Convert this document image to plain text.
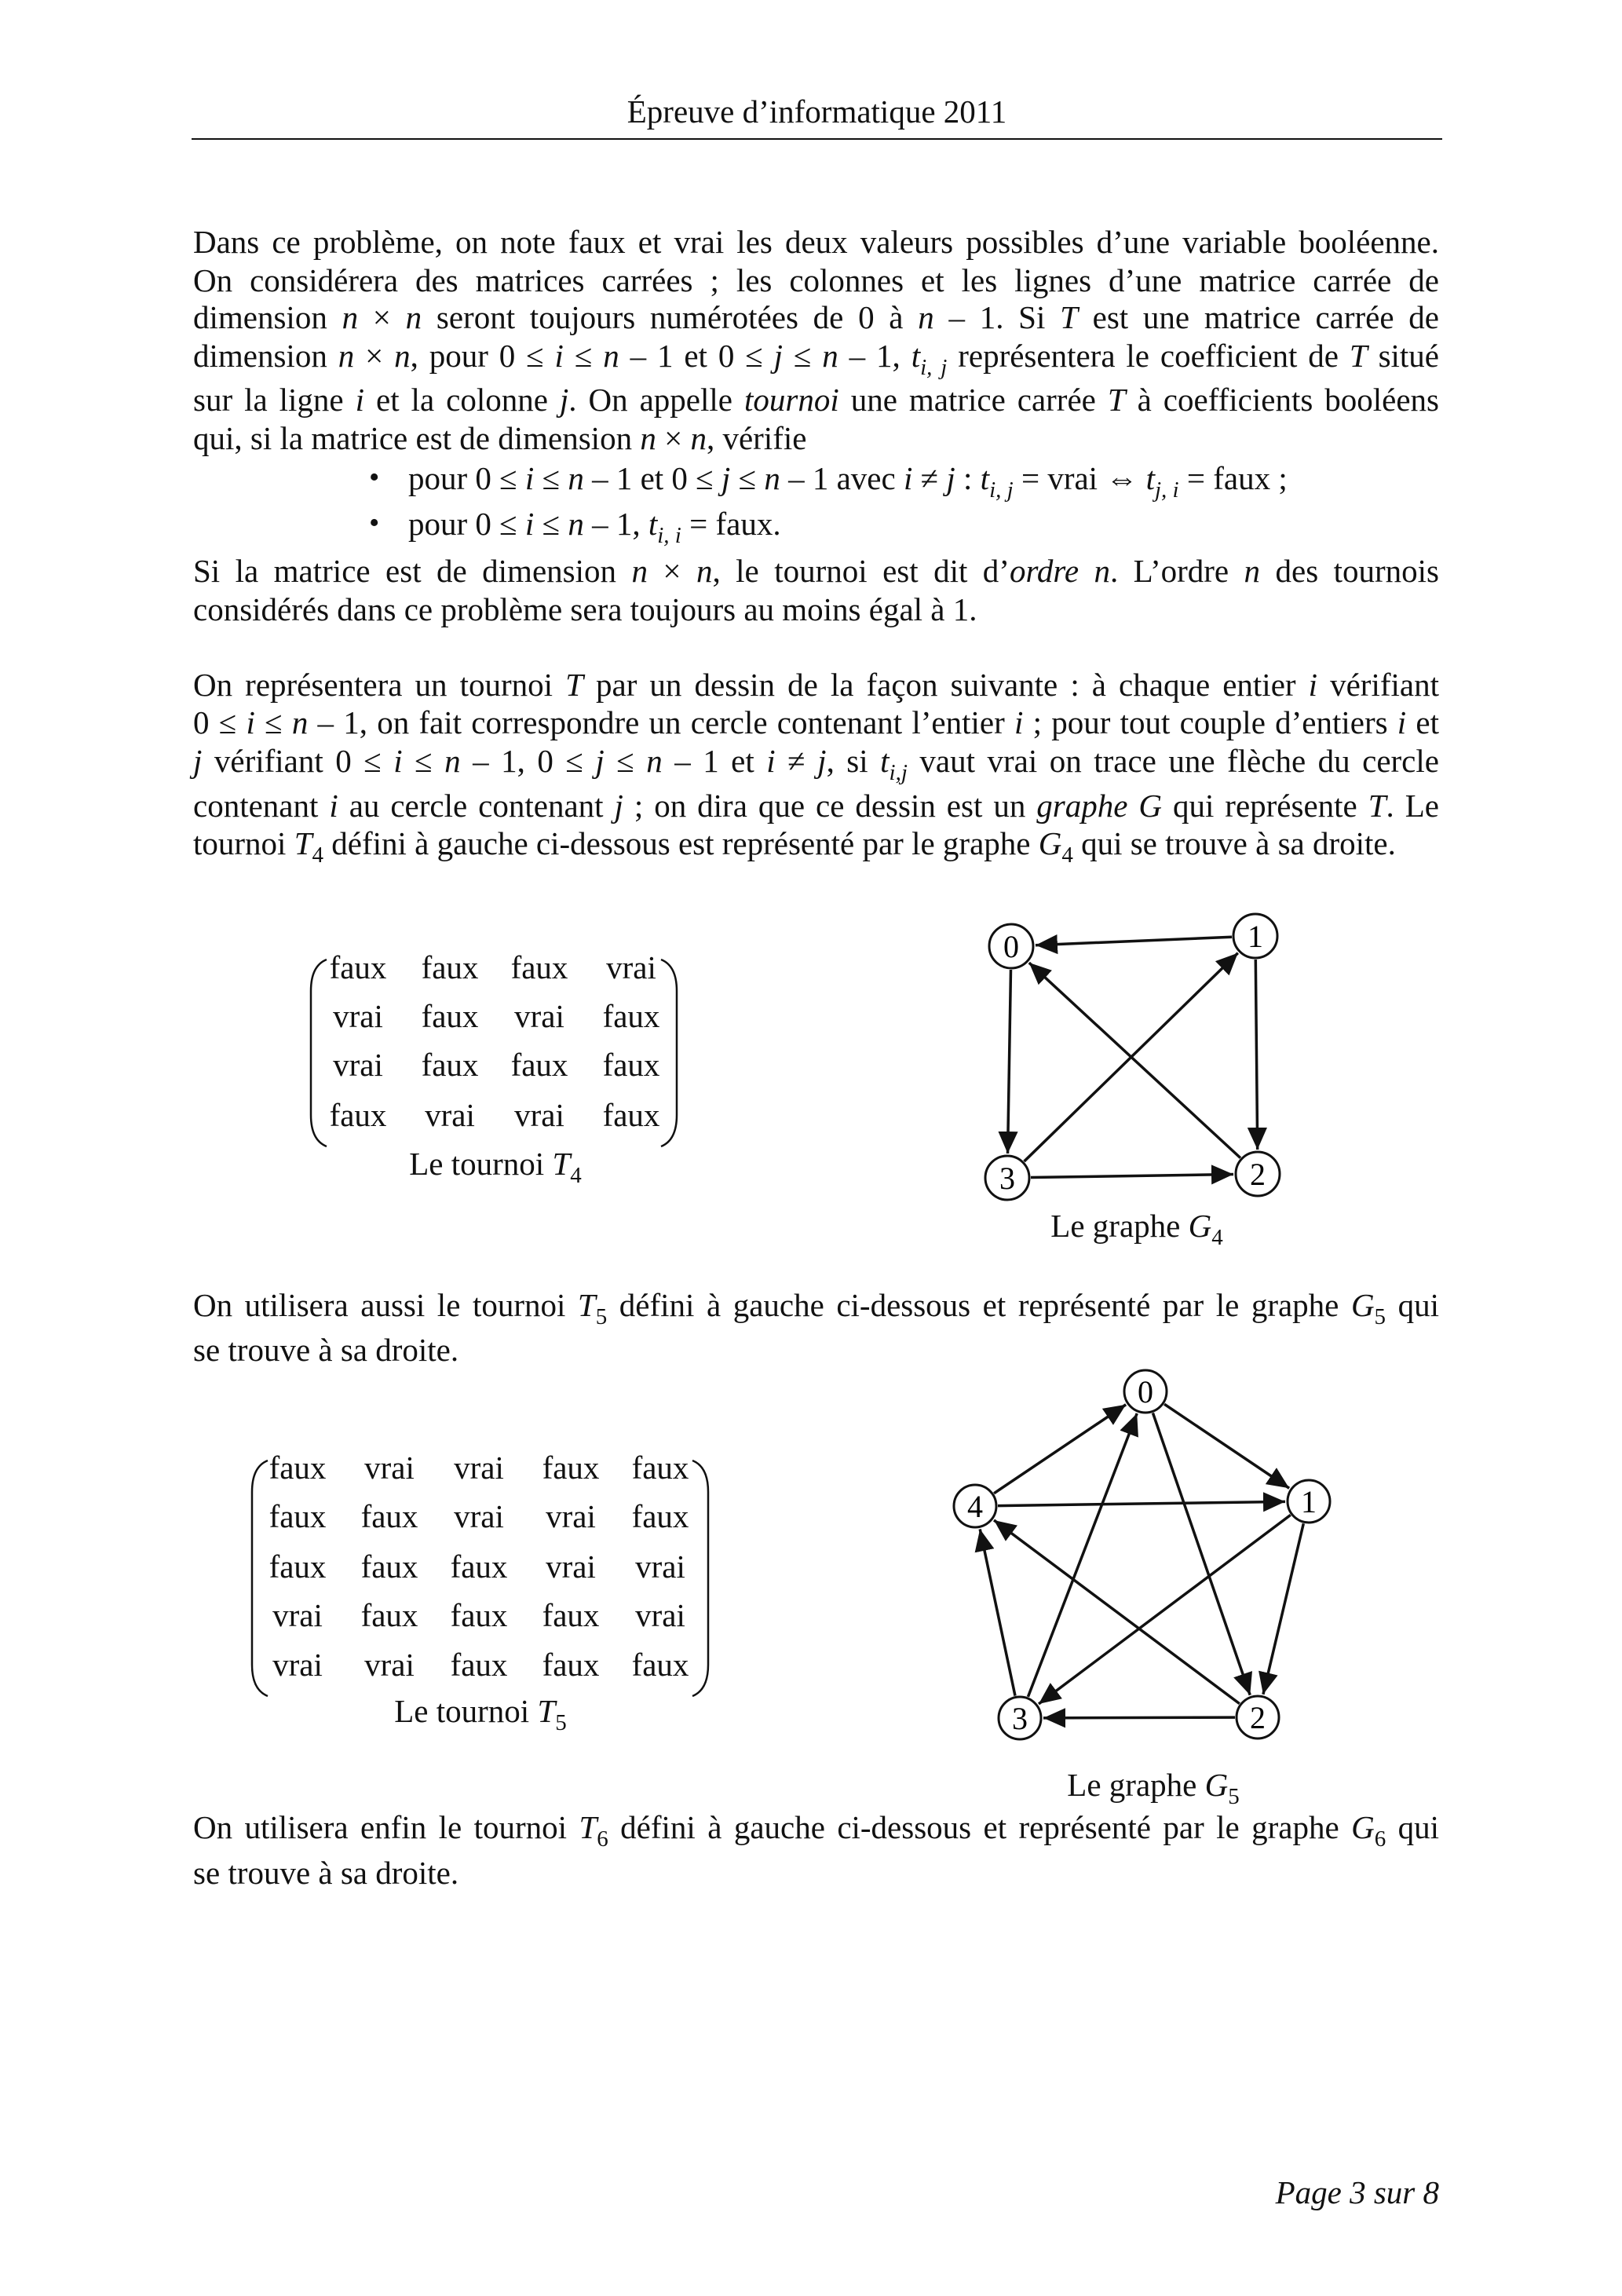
Épreuve d’informatique 2011
Dans ce problème, on note faux et vrai les deux valeurs possibles d’une variable booléenne.
On considérera des matrices carrées ; les colonnes et les lignes d’une matrice carrée de
dimension n × n seront toujours numérotées de 0 à n – 1. Si T est une matrice carrée de
dimension n × n, pour 0 ≤ i ≤ n – 1 et 0 ≤ j ≤ n – 1, $t_{i, j}$ représentera le coefficient de T situé
sur la ligne i et la colonne j. On appelle tournoi une matrice carrée T à coefficients booléens
qui, si la matrice est de dimension n × n, vérifie
pour 0 ≤ i ≤ n – 1 et 0 ≤ j ≤ n – 1 avec i ≠ j : $t_{i, j}$ = vrai ⇔ $t_{j, i}$ = faux ;
•
pour 0 ≤ i ≤ n – 1, $t_{i, i}$ = faux.
•
Si la matrice est de dimension n × n, le tournoi est dit d’ordre n. L’ordre n des tournois
considérés dans ce problème sera toujours au moins égal à 1.
On représentera un tournoi T par un dessin de la façon suivante : à chaque entier i vérifiant
0 ≤ i ≤ n – 1, on fait correspondre un cercle contenant l’entier i ; pour tout couple d’entiers i et
j vérifiant 0 ≤ i ≤ n – 1, 0 ≤ j ≤ n – 1 et i ≠ j, si $t_{i,j}$ vaut vrai on trace une flèche du cercle
contenant i au cercle contenant j ; on dira que ce dessin est un graphe G qui représente T. Le
tournoi $T_4$ défini à gauche ci-dessous est représenté par le graphe $G_4$ qui se trouve à sa droite.
On utilisera aussi le tournoi $T_5$ défini à gauche ci-dessous et représenté par le graphe $G_5$ qui
se trouve à sa droite.
On utilisera enfin le tournoi $T_6$ défini à gauche ci-dessous et représenté par le graphe $G_6$ qui
se trouve à sa droite.
faux faux faux vrai
vrai faux vrai faux
vrai faux faux faux
faux vrai vrai faux
Le tournoi $T_4$
faux vrai vrai faux faux
faux faux vrai vrai faux
faux faux faux vrai vrai
vrai faux faux faux vrai
vrai vrai faux faux faux
Le tournoi $T_5$
Le graphe $G_4$
Le graphe $G_5$
0	1
2
3
0
1
2
3
4
Page 3 sur 8
